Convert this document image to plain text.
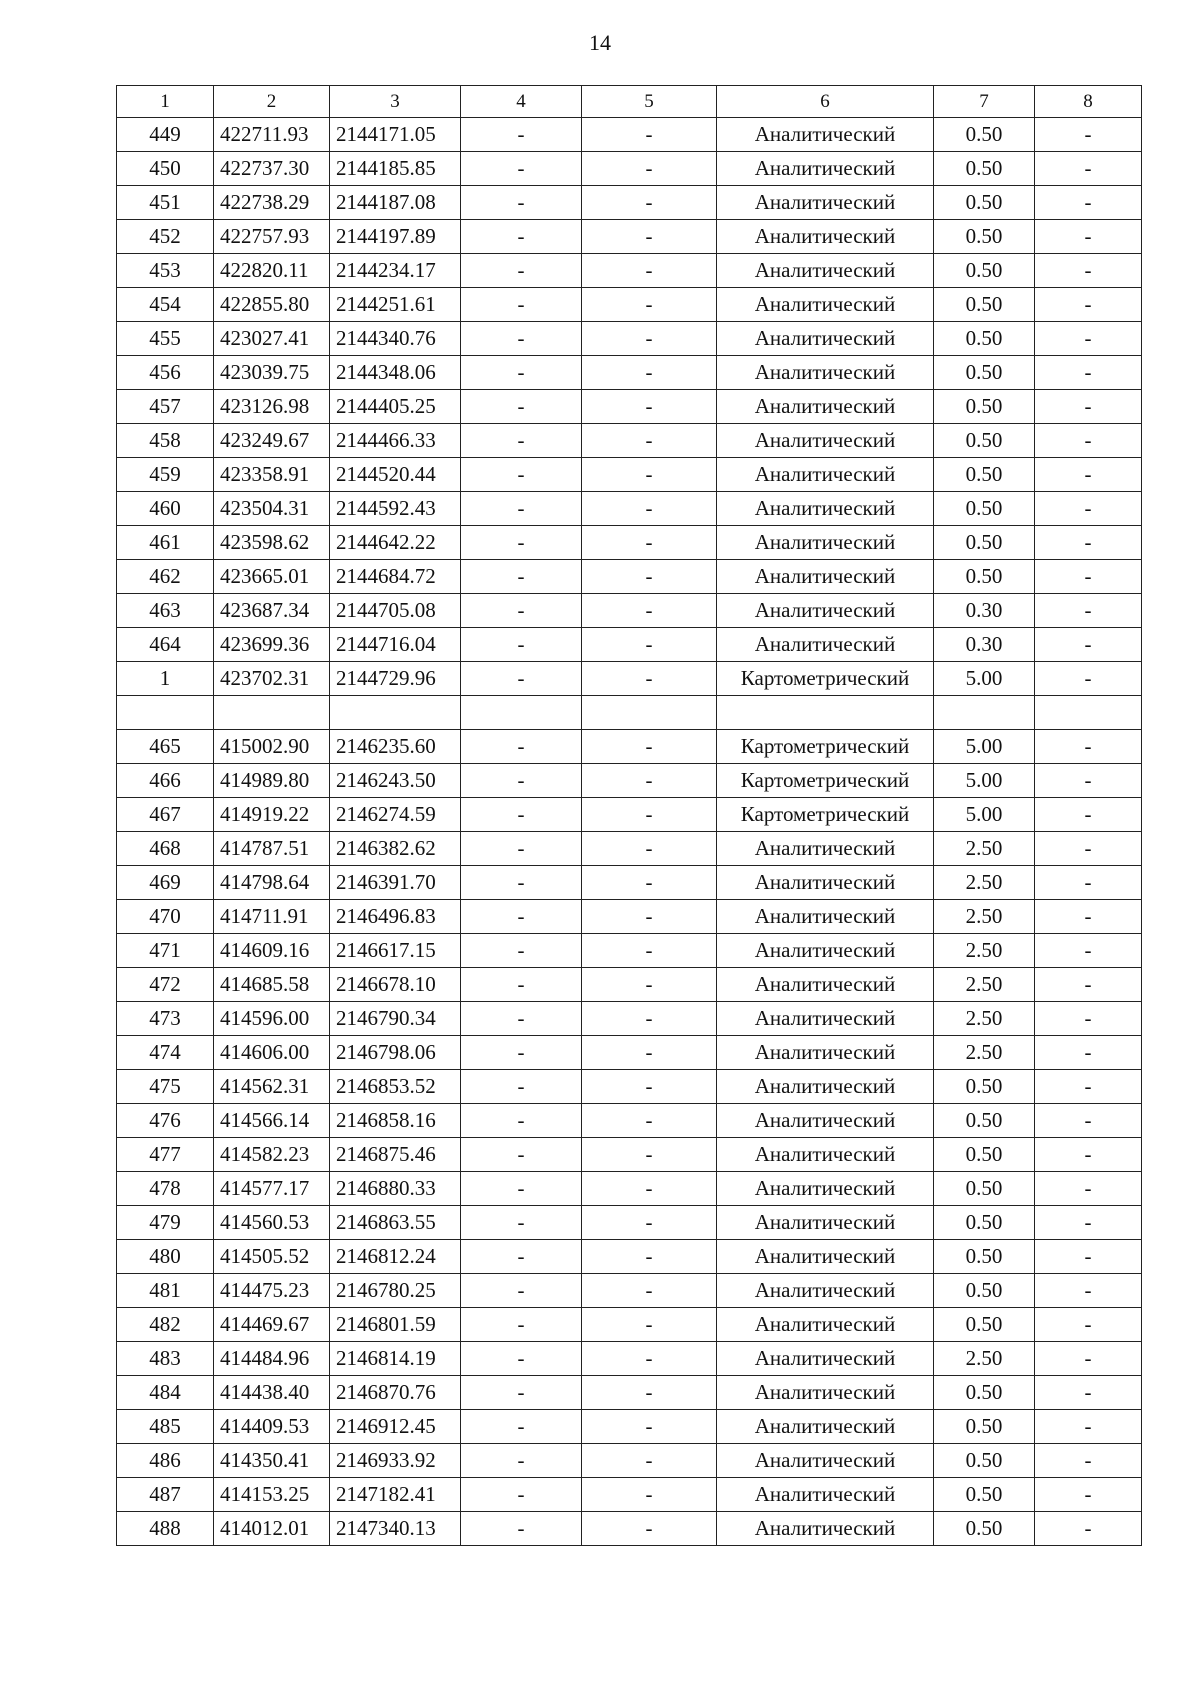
14
1	2	3	4	5	6	7	8
449	422711.93	2144171.05	-	-	Аналитический	0.50	-
450	422737.30	2144185.85	-	-	Аналитический	0.50	-
451	422738.29	2144187.08	-	-	Аналитический	0.50	-
452	422757.93	2144197.89	-	-	Аналитический	0.50	-
453	422820.11	2144234.17	-	-	Аналитический	0.50	-
454	422855.80	2144251.61	-	-	Аналитический	0.50	-
455	423027.41	2144340.76	-	-	Аналитический	0.50	-
456	423039.75	2144348.06	-	-	Аналитический	0.50	-
457	423126.98	2144405.25	-	-	Аналитический	0.50	-
458	423249.67	2144466.33	-	-	Аналитический	0.50	-
459	423358.91	2144520.44	-	-	Аналитический	0.50	-
460	423504.31	2144592.43	-	-	Аналитический	0.50	-
461	423598.62	2144642.22	-	-	Аналитический	0.50	-
462	423665.01	2144684.72	-	-	Аналитический	0.50	-
463	423687.34	2144705.08	-	-	Аналитический	0.30	-
464	423699.36	2144716.04	-	-	Аналитический	0.30	-
1	423702.31	2144729.96	-	-	Картометрический	5.00	-

465	415002.90	2146235.60	-	-	Картометрический	5.00	-
466	414989.80	2146243.50	-	-	Картометрический	5.00	-
467	414919.22	2146274.59	-	-	Картометрический	5.00	-
468	414787.51	2146382.62	-	-	Аналитический	2.50	-
469	414798.64	2146391.70	-	-	Аналитический	2.50	-
470	414711.91	2146496.83	-	-	Аналитический	2.50	-
471	414609.16	2146617.15	-	-	Аналитический	2.50	-
472	414685.58	2146678.10	-	-	Аналитический	2.50	-
473	414596.00	2146790.34	-	-	Аналитический	2.50	-
474	414606.00	2146798.06	-	-	Аналитический	2.50	-
475	414562.31	2146853.52	-	-	Аналитический	0.50	-
476	414566.14	2146858.16	-	-	Аналитический	0.50	-
477	414582.23	2146875.46	-	-	Аналитический	0.50	-
478	414577.17	2146880.33	-	-	Аналитический	0.50	-
479	414560.53	2146863.55	-	-	Аналитический	0.50	-
480	414505.52	2146812.24	-	-	Аналитический	0.50	-
481	414475.23	2146780.25	-	-	Аналитический	0.50	-
482	414469.67	2146801.59	-	-	Аналитический	0.50	-
483	414484.96	2146814.19	-	-	Аналитический	2.50	-
484	414438.40	2146870.76	-	-	Аналитический	0.50	-
485	414409.53	2146912.45	-	-	Аналитический	0.50	-
486	414350.41	2146933.92	-	-	Аналитический	0.50	-
487	414153.25	2147182.41	-	-	Аналитический	0.50	-
488	414012.01	2147340.13	-	-	Аналитический	0.50	-
